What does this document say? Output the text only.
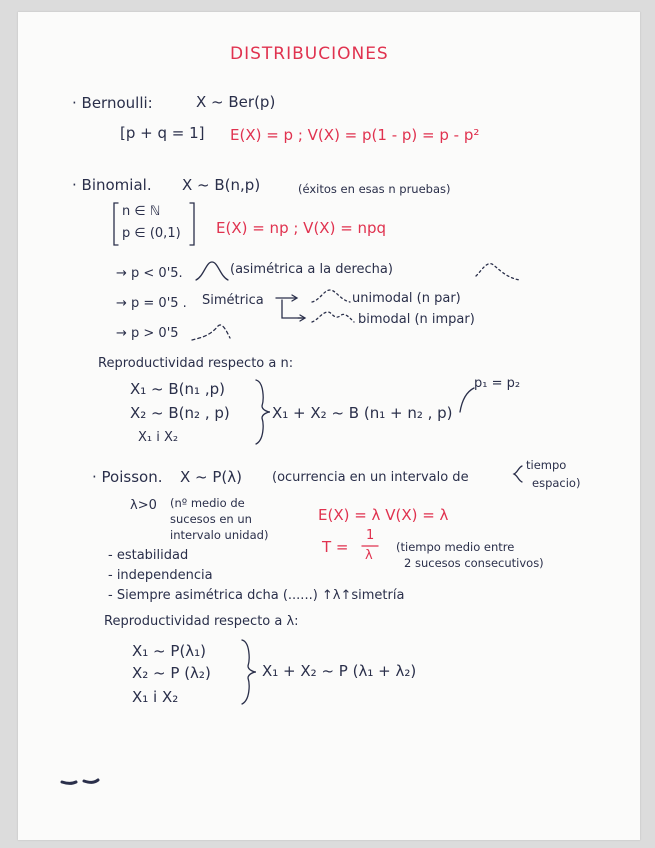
DISTRIBUCIONES
· Bernoulli:	X ~ Ber(p)
[p + q = 1] E(X) = p ; V(X) = p(1 - p) = p - p²
· Binomial. X ~ B(n,p)	(éxitos en esas n pruebas)
n ∈ ℕ
p ∈ (0,1) E(X) = np ; V(X) = npq
→ p < 0'5.	(asimétrica a la derecha)
→ p = 0'5 . Simétrica	unimodal (n par)
bimodal (n impar)
→ p > 0'5
Reproductividad respecto a n:
X₁ ~ B(n₁ ,p)
X₂ ~ B(n₂ , p)
X₁ i X₂
X₁ + X₂ ~ B (n₁ + n₂ , p)
p₁ = p₂
· Poisson. X ~ P(λ) (ocurrencia en un intervalo de
tiempo
espacio)
λ>0 (nº medio de
sucesos en un
intervalo unidad)
E(X) = λ V(X) = λ
T =
1
λ
(tiempo medio entre
2 sucesos consecutivos)
- estabilidad
- independencia
- Siempre asimétrica dcha (......) ↑λ↑simetría
Reproductividad respecto a λ:
X₁ ~ P(λ₁)
X₂ ~ P (λ₂)
X₁ i X₂
X₁ + X₂ ~ P (λ₁ + λ₂)
